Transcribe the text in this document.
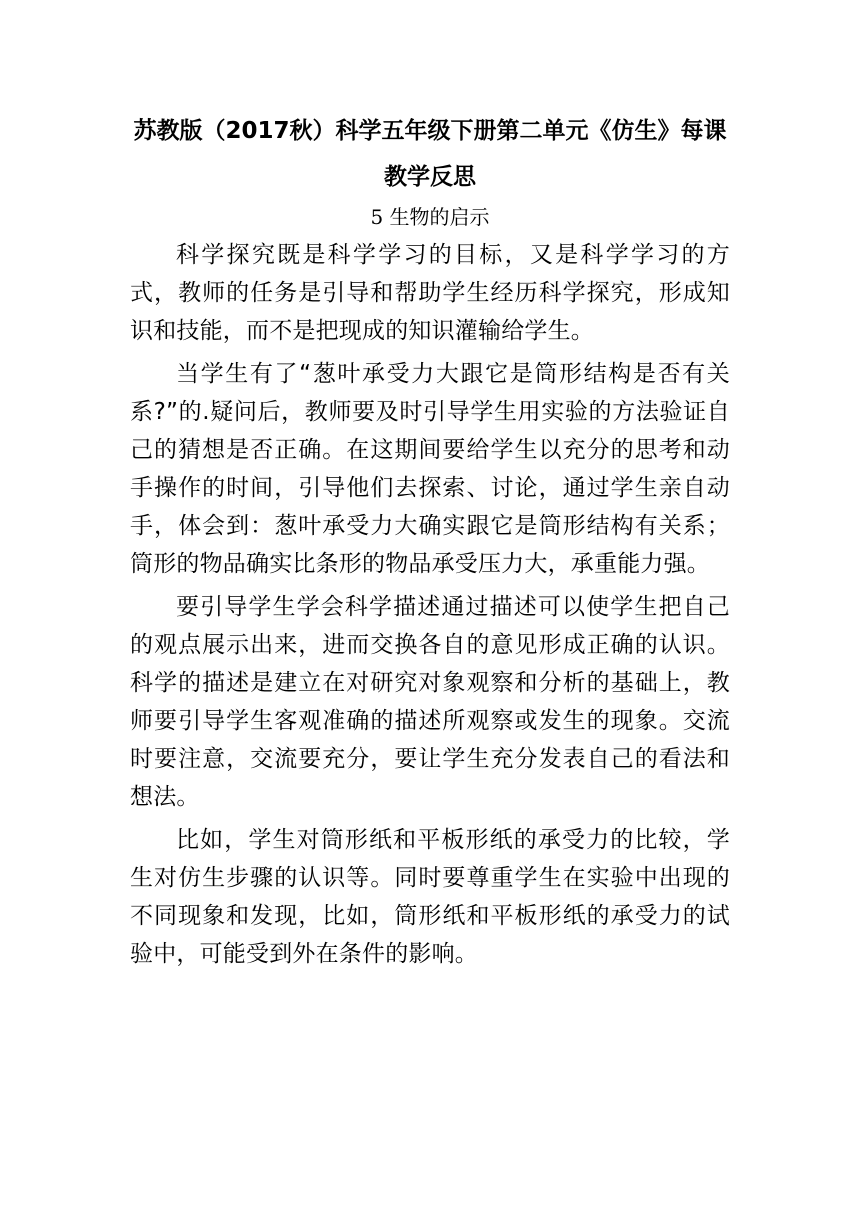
苏教版（2017秋）科学五年级下册第二单元《仿生》每课教学反思
5 生物的启示

科学探究既是科学学习的目标，又是科学学习的方式，教师的任务是引导和帮助学生经历科学探究，形成知识和技能，而不是把现成的知识灌输给学生。

当学生有了“葱叶承受力大跟它是筒形结构是否有关系?”的.疑问后，教师要及时引导学生用实验的方法验证自己的猜想是否正确。在这期间要给学生以充分的思考和动手操作的时间，引导他们去探索、讨论，通过学生亲自动手，体会到：葱叶承受力大确实跟它是筒形结构有关系；筒形的物品确实比条形的物品承受压力大，承重能力强。

要引导学生学会科学描述通过描述可以使学生把自己的观点展示出来，进而交换各自的意见形成正确的认识。科学的描述是建立在对研究对象观察和分析的基础上，教师要引导学生客观准确的描述所观察或发生的现象。交流时要注意，交流要充分，要让学生充分发表自己的看法和想法。

比如，学生对筒形纸和平板形纸的承受力的比较，学生对仿生步骤的认识等。同时要尊重学生在实验中出现的不同现象和发现，比如，筒形纸和平板形纸的承受力的试验中，可能受到外在条件的影响。
